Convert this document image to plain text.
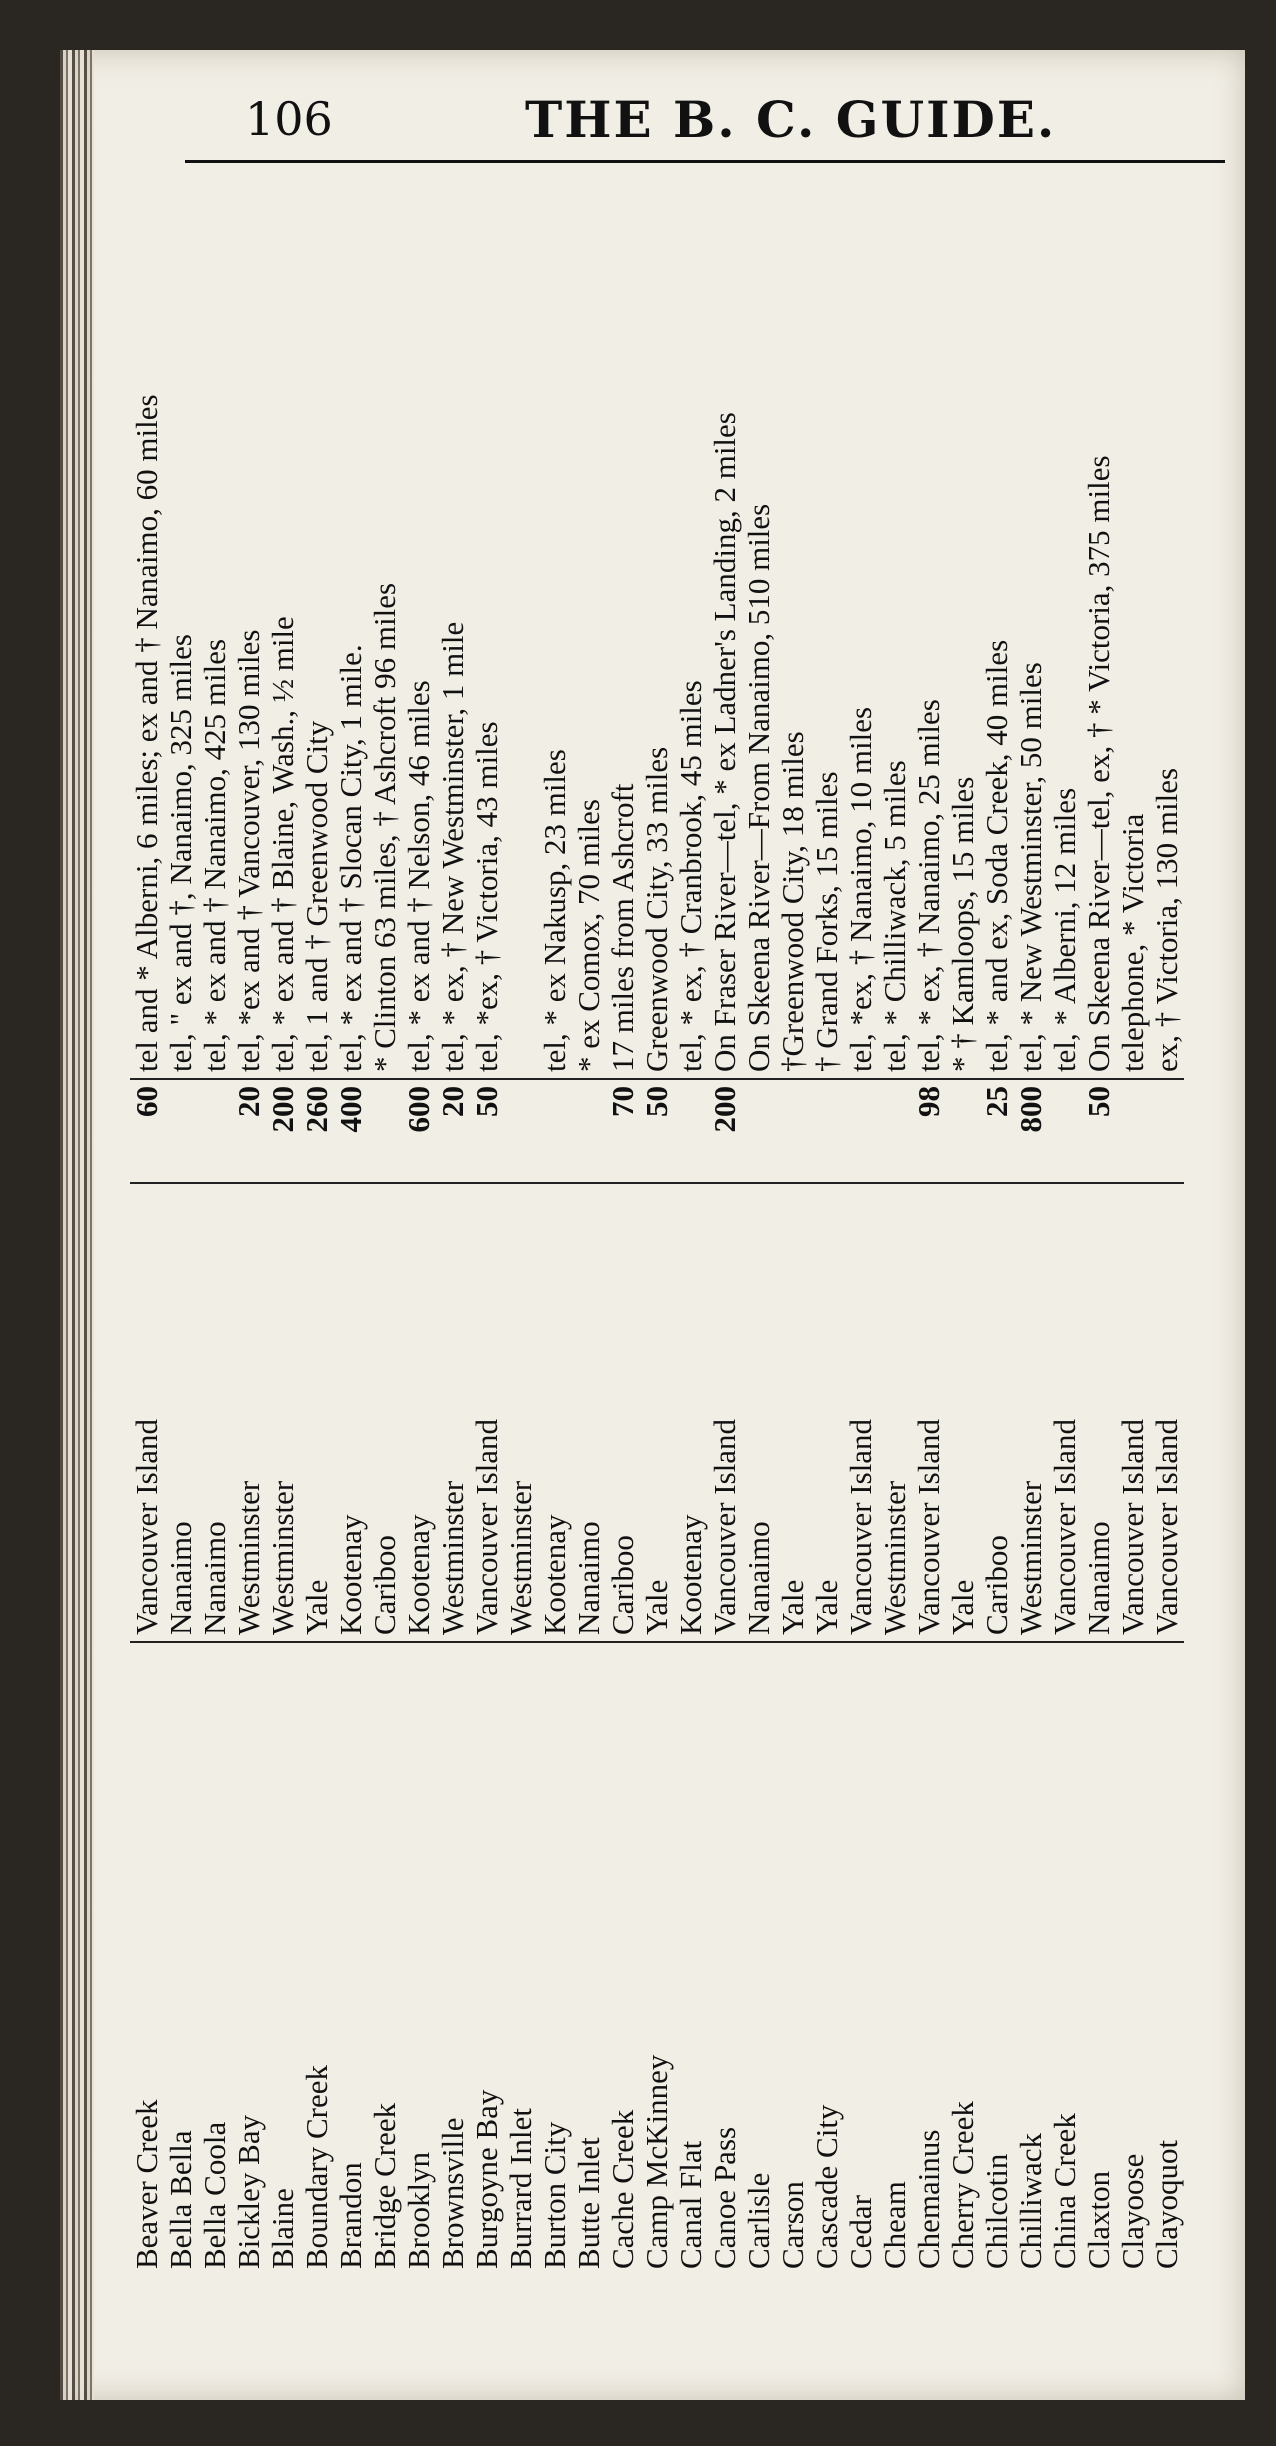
106	THE B. C. GUIDE.
Beaver Creek	Vancouver Island	60	tel and * Alberni, 6 miles; ex and † Nanaimo, 60 miles
Bella Bella	Nanaimo		tel, " ex and †, Nanaimo, 325 miles
Bella Coola	Nanaimo		tel, * ex and † Nanaimo, 425 miles
Bickley Bay	Westminster	20	tel, *ex and † Vancouver, 130 miles
Blaine	Westminster	200	tel, * ex and † Blaine, Wash., ½ mile
Boundary Creek	Yale	260	tel, 1 and † Greenwood City
Brandon	Kootenay	400	tel, * ex and † Slocan City, 1 mile.
Bridge Creek	Cariboo		* Clinton 63 miles, † Ashcroft 96 miles
Brooklyn	Kootenay	600	tel, * ex and † Nelson, 46 miles
Brownsville	Westminster	20	tel, * ex, † New Westminster, 1 mile
Burgoyne Bay	Vancouver Island	50	tel, *ex, † Victoria, 43 miles
Burrard Inlet	Westminster		
Burton City	Kootenay		tel, * ex Nakusp, 23 miles
Butte Inlet	Nanaimo		* ex Comox, 70 miles
Cache Creek	Cariboo	70	17 miles from Ashcroft
Camp McKinney	Yale	50	Greenwood City, 33 miles
Canal Flat	Kootenay		tel, * ex, † Cranbrook, 45 miles
Canoe Pass	Vancouver Island	200	On Fraser River—tel, * ex Ladner's Landing, 2 miles
Carlisle	Nanaimo		On Skeena River—From Nanaimo, 510 miles
Carson	Yale		†Greenwood City, 18 miles
Cascade City	Yale		† Grand Forks, 15 miles
Cedar	Vancouver Island		tel, *ex, † Nanaimo, 10 miles
Cheam	Westminster		tel, * Chilliwack, 5 miles
Chemainus	Vancouver Island	98	tel, * ex, † Nanaimo, 25 miles
Cherry Creek	Yale		* † Kamloops, 15 miles
Chilcotin	Cariboo	25	tel, * and ex, Soda Creek, 40 miles
Chilliwack	Westminster	800	tel, * New Westminster, 50 miles
China Creek	Vancouver Island		tel, * Alberni, 12 miles
Claxton	Nanaimo	50	On Skeena River—tel, ex, † * Victoria, 375 miles
Clayoose	Vancouver Island		telephone, * Victoria
Clayoquot	Vancouver Island		ex, † Victoria, 130 miles
